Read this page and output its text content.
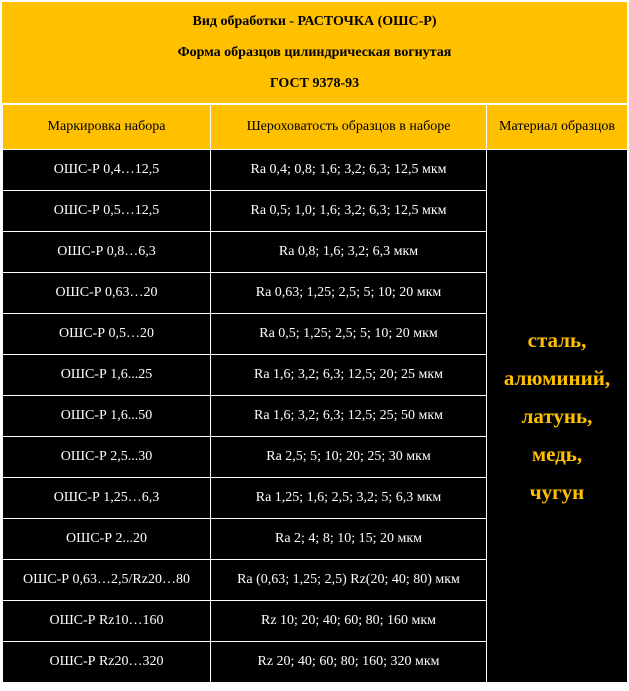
Вид обработки - РАСТОЧКА (ОШС-Р)
Форма образцов цилиндрическая вогнутая
ГОСТ 9378-93
Маркировка набора	Шероховатость образцов в наборе	Материал образцов
ОШС-Р 0,4…12,5	Ra 0,4; 0,8; 1,6; 3,2; 6,3; 12,5 мкм	сталь,
алюминий,
латунь,
медь,
чугун

ОШС-Р 0,5…12,5	Ra 0,5; 1,0; 1,6; 3,2; 6,3; 12,5 мкм	
ОШС-Р 0,8…6,3	Ra 0,8; 1,6; 3,2; 6,3 мкм	
ОШС-Р 0,63…20	Ra 0,63; 1,25; 2,5; 5; 10; 20 мкм	
ОШС-Р 0,5…20	Ra 0,5; 1,25; 2,5; 5; 10; 20 мкм	
ОШС-Р 1,6...25	Ra 1,6; 3,2; 6,3; 12,5; 20; 25 мкм	
ОШС-Р 1,6...50	Ra 1,6; 3,2; 6,3; 12,5; 25; 50 мкм	
ОШС-Р 2,5...30	Ra 2,5; 5; 10; 20; 25; 30 мкм	
ОШС-Р 1,25…6,3	Ra 1,25; 1,6; 2,5; 3,2; 5; 6,3 мкм	
ОШС-Р 2...20	Ra 2; 4; 8; 10; 15; 20 мкм	
ОШС-Р 0,63…2,5/Rz20…80	Ra (0,63; 1,25; 2,5) Rz(20; 40; 80) мкм	
ОШС-Р Rz10…160	Rz 10; 20; 40; 60; 80; 160 мкм	
ОШС-Р Rz20…320	Rz 20; 40; 60; 80; 160; 320 мкм	
